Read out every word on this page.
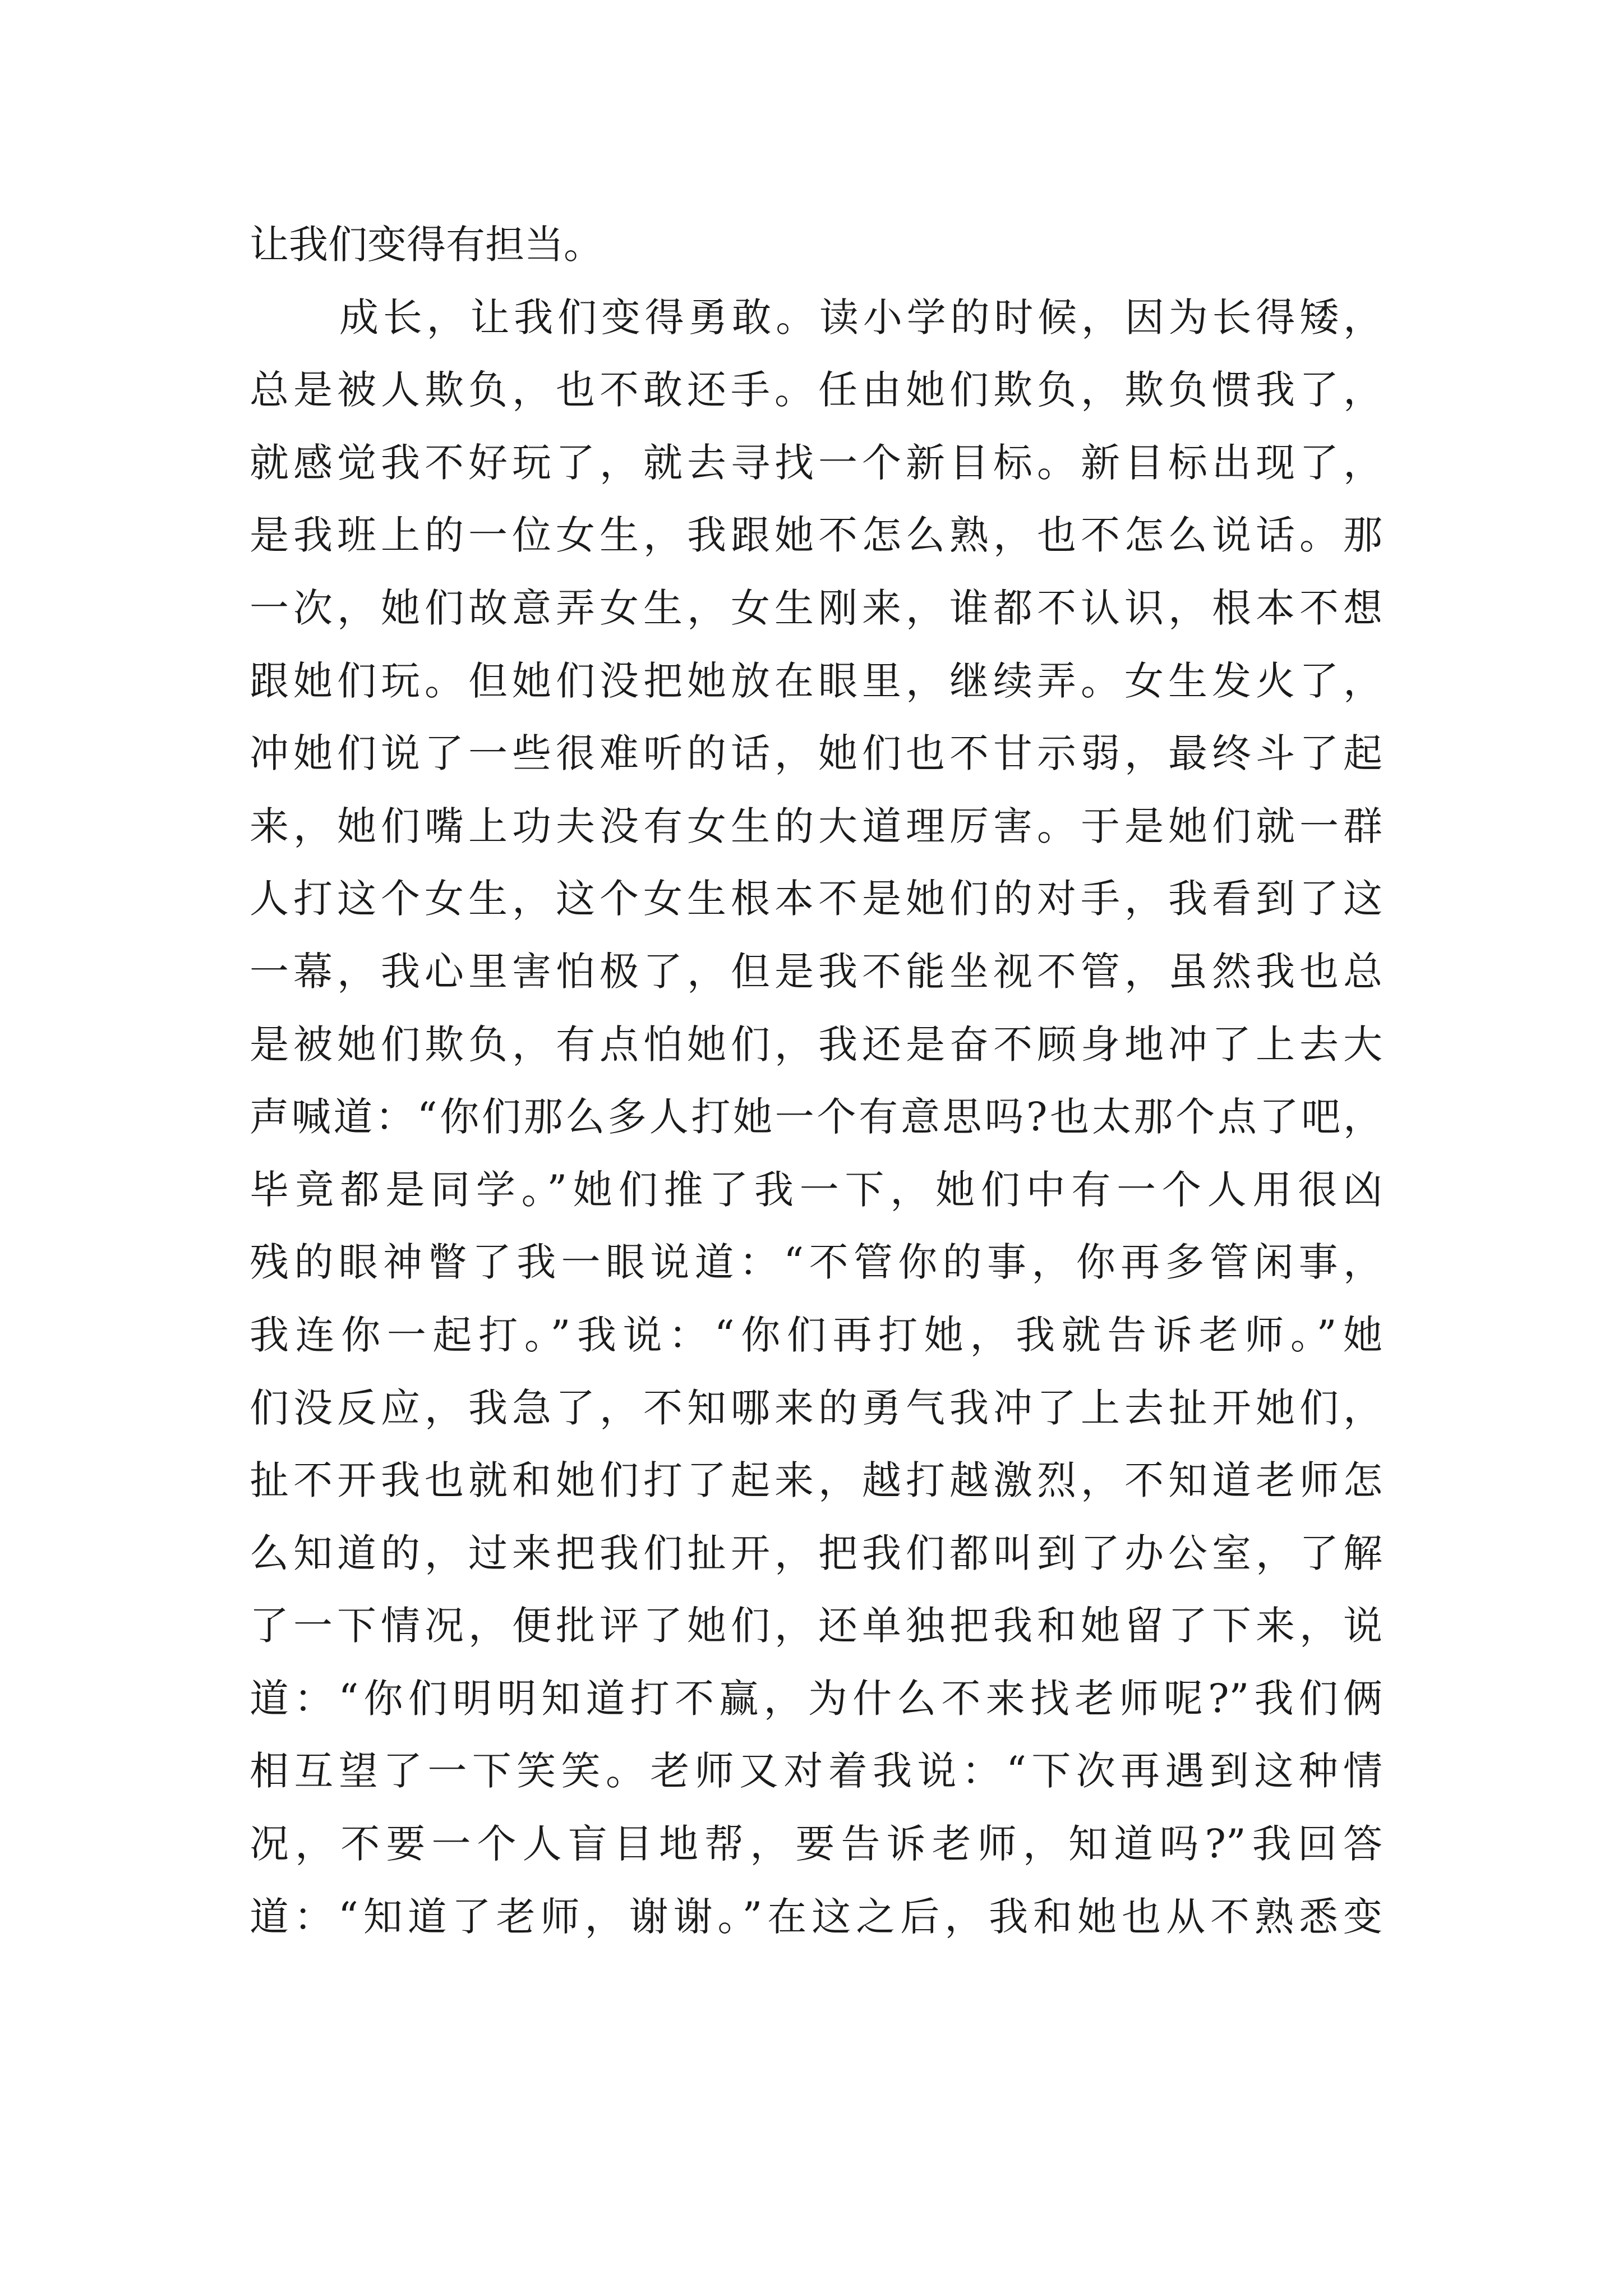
让我们变得有担当。
成长，让我们变得勇敢。读小学的时候，因为长得矮，
总是被人欺负，也不敢还手。任由她们欺负，欺负惯我了，
就感觉我不好玩了，就去寻找一个新目标。新目标出现了，
是我班上的一位女生，我跟她不怎么熟，也不怎么说话。那
一次，她们故意弄女生，女生刚来，谁都不认识，根本不想
跟她们玩。但她们没把她放在眼里，继续弄。女生发火了，
冲她们说了一些很难听的话，她们也不甘示弱，最终斗了起
来，她们嘴上功夫没有女生的大道理厉害。于是她们就一群
人打这个女生，这个女生根本不是她们的对手，我看到了这
一幕，我心里害怕极了，但是我不能坐视不管，虽然我也总
是被她们欺负，有点怕她们，我还是奋不顾身地冲了上去大
声喊道：“你们那么多人打她一个有意思吗?也太那个点了吧，
毕竟都是同学。”她们推了我一下，她们中有一个人用很凶
残的眼神瞥了我一眼说道：“不管你的事，你再多管闲事，
我连你一起打。”我说：“你们再打她，我就告诉老师。”她
们没反应，我急了，不知哪来的勇气我冲了上去扯开她们，
扯不开我也就和她们打了起来，越打越激烈，不知道老师怎
么知道的，过来把我们扯开，把我们都叫到了办公室，了解
了一下情况，便批评了她们，还单独把我和她留了下来，说
道：“你们明明知道打不赢，为什么不来找老师呢?”我们俩
相互望了一下笑笑。老师又对着我说：“下次再遇到这种情
况，不要一个人盲目地帮，要告诉老师，知道吗?”我回答
道：“知道了老师，谢谢。”在这之后，我和她也从不熟悉变
